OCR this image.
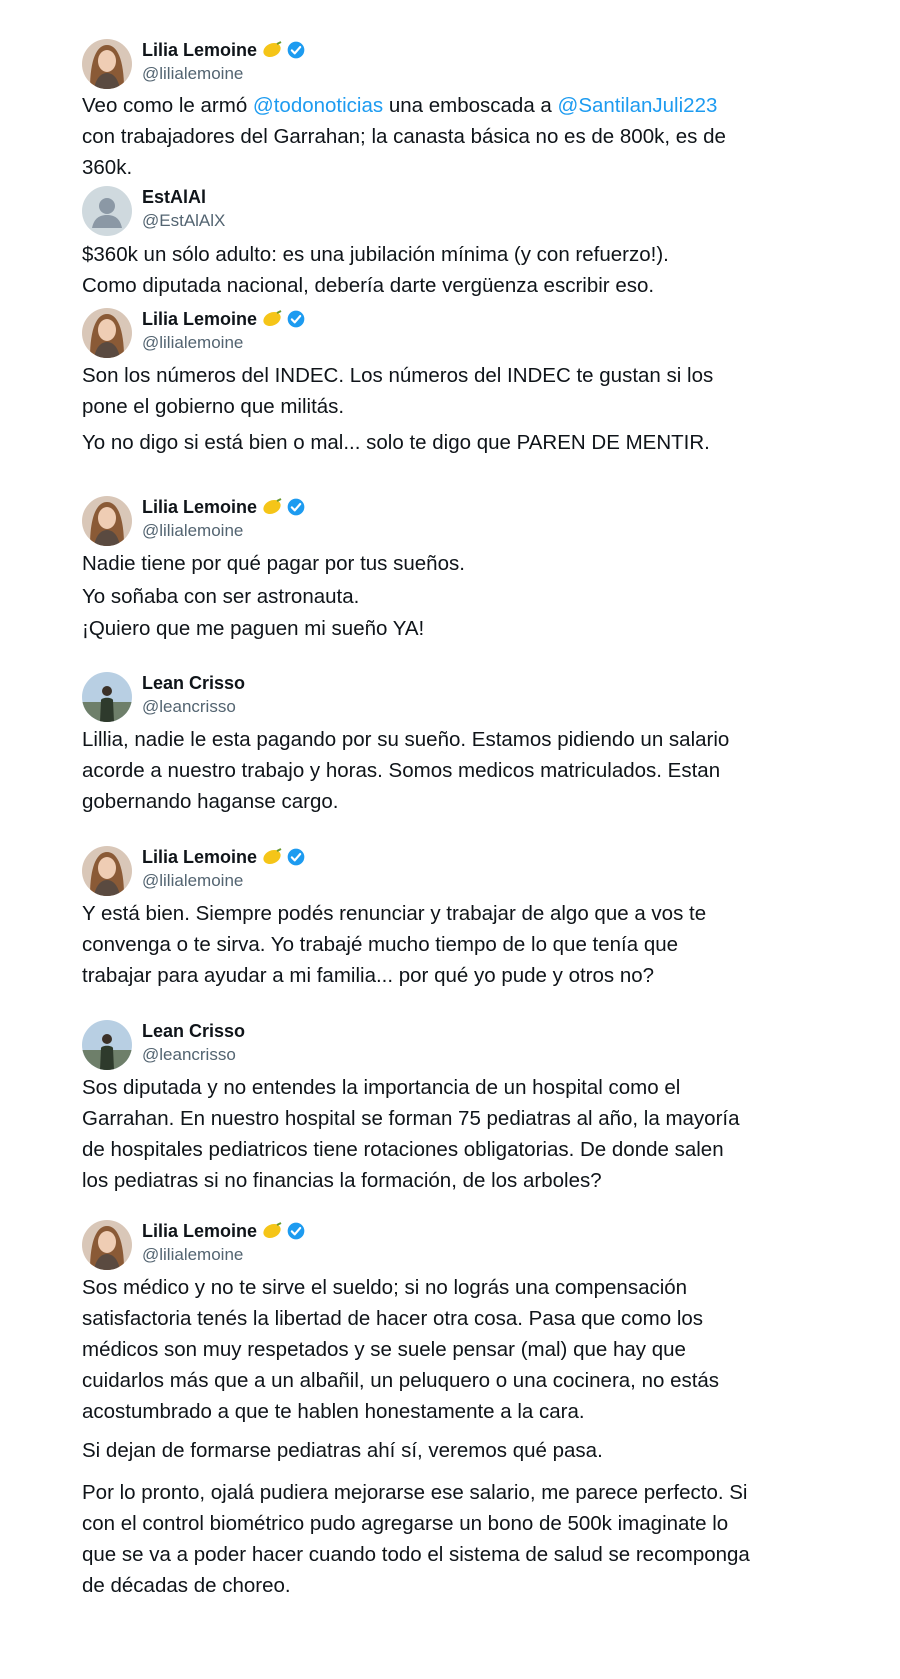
Lilia Lemoine
@lilialemoine
Veo como le armó @todonoticias una emboscada a @SantilanJuli223
con trabajadores del Garrahan; la canasta básica no es de 800k, es de
360k.
EstAlAl
@EstAlAlX

$360k un sólo adulto: es una jubilación mínima (y con refuerzo!).
Como diputada nacional, debería darte vergüenza escribir eso.

Lilia Lemoine
@lilialemoine

Son los números del INDEC. Los números del INDEC te gustan si los
pone el gobierno que militás.

Yo no digo si está bien o mal... solo te digo que PAREN DE MENTIR.

Lilia Lemoine
@lilialemoine

Nadie tiene por qué pagar por tus sueños.

Yo soñaba con ser astronauta.

¡Quiero que me paguen mi sueño YA!

Lean Crisso
@leancrisso

Lillia, nadie le esta pagando por su sueño. Estamos pidiendo un salario
acorde a nuestro trabajo y horas. Somos medicos matriculados. Estan
gobernando haganse cargo.

Lilia Lemoine
@lilialemoine

Y está bien. Siempre podés renunciar y trabajar de algo que a vos te
convenga o te sirva. Yo trabajé mucho tiempo de lo que tenía que
trabajar para ayudar a mi familia... por qué yo pude y otros no?

Lean Crisso
@leancrisso

Sos diputada y no entendes la importancia de un hospital como el
Garrahan. En nuestro hospital se forman 75 pediatras al año, la mayoría
de hospitales pediatricos tiene rotaciones obligatorias. De donde salen
los pediatras si no financias la formación, de los arboles?

Lilia Lemoine
@lilialemoine

Sos médico y no te sirve el sueldo; si no lográs una compensación
satisfactoria tenés la libertad de hacer otra cosa. Pasa que como los
médicos son muy respetados y se suele pensar (mal) que hay que
cuidarlos más que a un albañil, un peluquero o una cocinera, no estás
acostumbrado a que te hablen honestamente a la cara.

Si dejan de formarse pediatras ahí sí, veremos qué pasa.

Por lo pronto, ojalá pudiera mejorarse ese salario, me parece perfecto. Si
con el control biométrico pudo agregarse un bono de 500k imaginate lo
que se va a poder hacer cuando todo el sistema de salud se recomponga
de décadas de choreo.
